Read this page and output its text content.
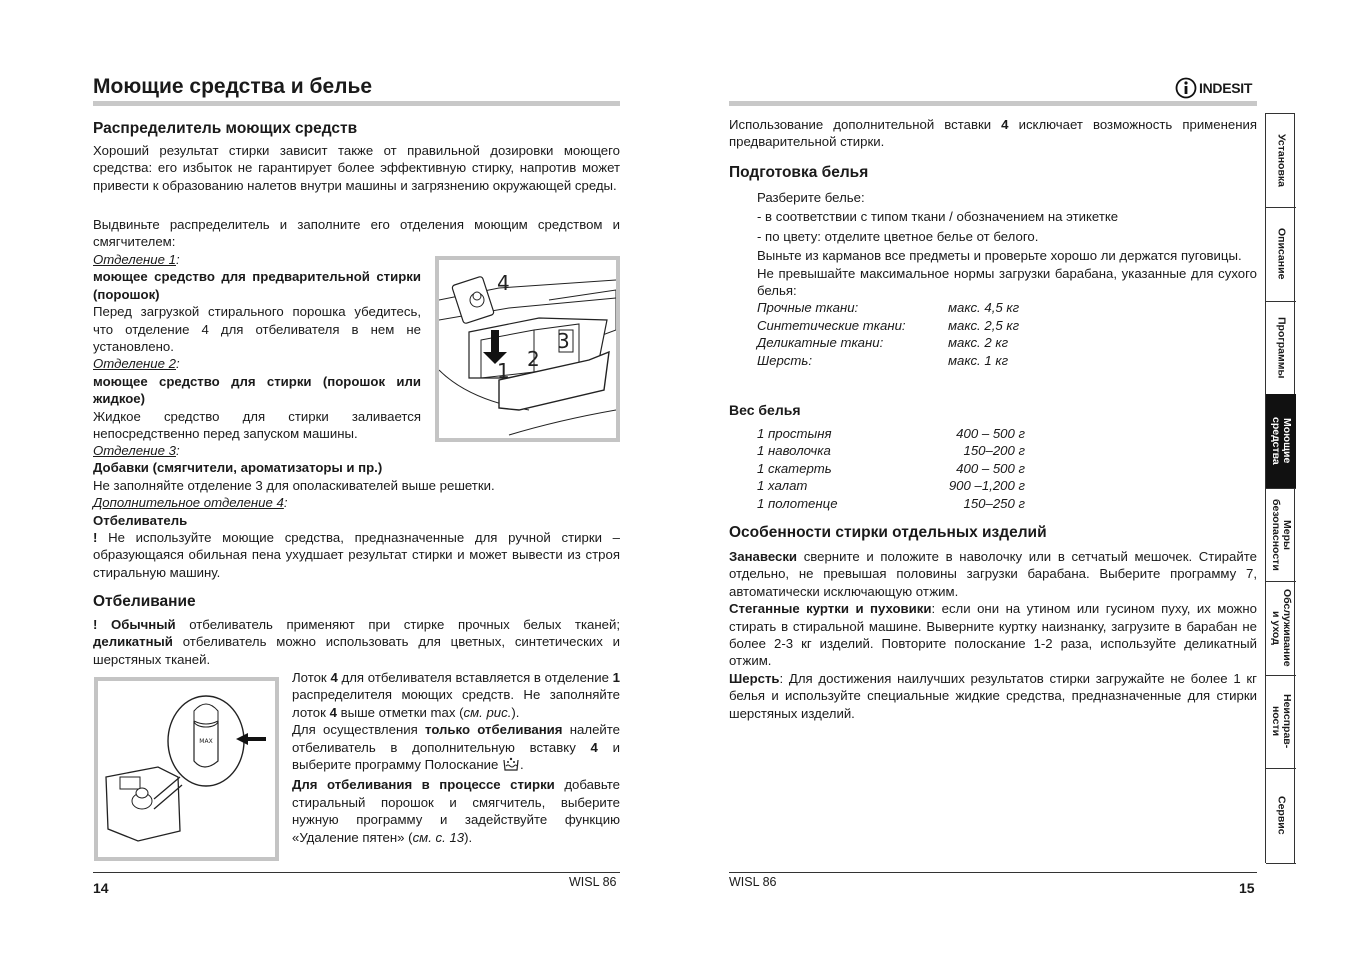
Моющие средства и белье
Распределитель моющих средств

Хороший результат стирки зависит также от правильной дозировки моющего средства: его избыток не гарантирует более эффективную стирку, напротив может привести к образованию налетов внутри машины и загрязнению окружающей среды.

Выдвиньте распределитель и заполните его отделения моющим средством и смягчителем:

Отделение 1:

моющее средство для предварительной стирки (порошок)

Перед загрузкой стирального порошка убедитесь, что отделение 4 для отбеливателя в нем не установлено.

Отделение 2:

моющее средство для стирки (порошок или жидкое)

Жидкое средство для стирки заливается непосредственно перед запуском машины.

Отделение 3:

Добавки (смягчители, ароматизаторы и пр.)

Не заполняйте отделение 3 для ополаскивателей выше решетки.

Дополнительное отделение 4:

Отбеливатель

! Не используйте моющие средства, предназначенные для ручной стирки – образующаяся обильная пена ухудшает результат стирки и может вывести из строя стиральную машину.

4
1 2
3
Отбеливание

! Обычный отбеливатель применяют при стирке прочных белых тканей; деликатный отбеливатель можно использовать для цветных, синтетических и шерстяных тканей.

MAX

Лоток 4 для отбеливателя вставляется в отделение 1 распределителя моющих средств. Не заполняйте лоток 4 выше отметки max (см. рис.).

Для осуществления только отбеливания налейте отбеливатель в дополнительную вставку 4 и выберите программу Полоскание .

Для отбеливания в процессе стирки добавьте стиральный порошок и смягчитель, выберите нужную программу и задействуйте функцию «Удаление пятен» (см. с. 13).

14	WISL 86
INDESIT

Использование дополнительной вставки 4 исключает возможность применения предварительной стирки.

Подготовка белья

Разберите белье:

- в соответствии с типом ткани / обозначением на этикетке

- по цвету: отделите цветное белье от белого.

Выньте из карманов все предметы и проверьте хорошо ли держатся пуговицы.

Не превышайте максимальное нормы загрузки барабана, указанные для сухого белья:

Прочные ткани:	макс. 4,5 кг
Синтетические ткани:	макс. 2,5 кг
Деликатные ткани:	макс. 2 кг
Шерсть:	макс. 1 кг
Вес белья
1 простыня	400 – 500 г
1 наволочка	150–200 г
1 скатерть	400 – 500 г
1 халат	900 –1,200 г
1 полотенце	150–250 г
Особенности стирки отдельных изделий

Занавески сверните и положите в наволочку или в сетчатый мешочек. Стирайте отдельно, не превышая половины загрузки барабана. Выберите программу 7, автоматически исключающую отжим.

Стеганные куртки и пуховики: если они на утином или гусином пуху, их можно стирать в стиральной машине. Выверните куртку наизнанку, загрузите в барабан не более 2-3 кг изделий. Повторите полоскание 1-2 раза, используйте деликатный отжим.

Шерсть: Для достижения наилучших результатов стирки загружайте не более 1 кг белья и используйте специальные жидкие средства, предназначенные для стирки шерстяных изделий.

Установка
Описание
Программы
Моющие
средства
Меры
безопасности
Обслуживание
и уход
Неисправ-
ности
Сервис
WISL 86	15
